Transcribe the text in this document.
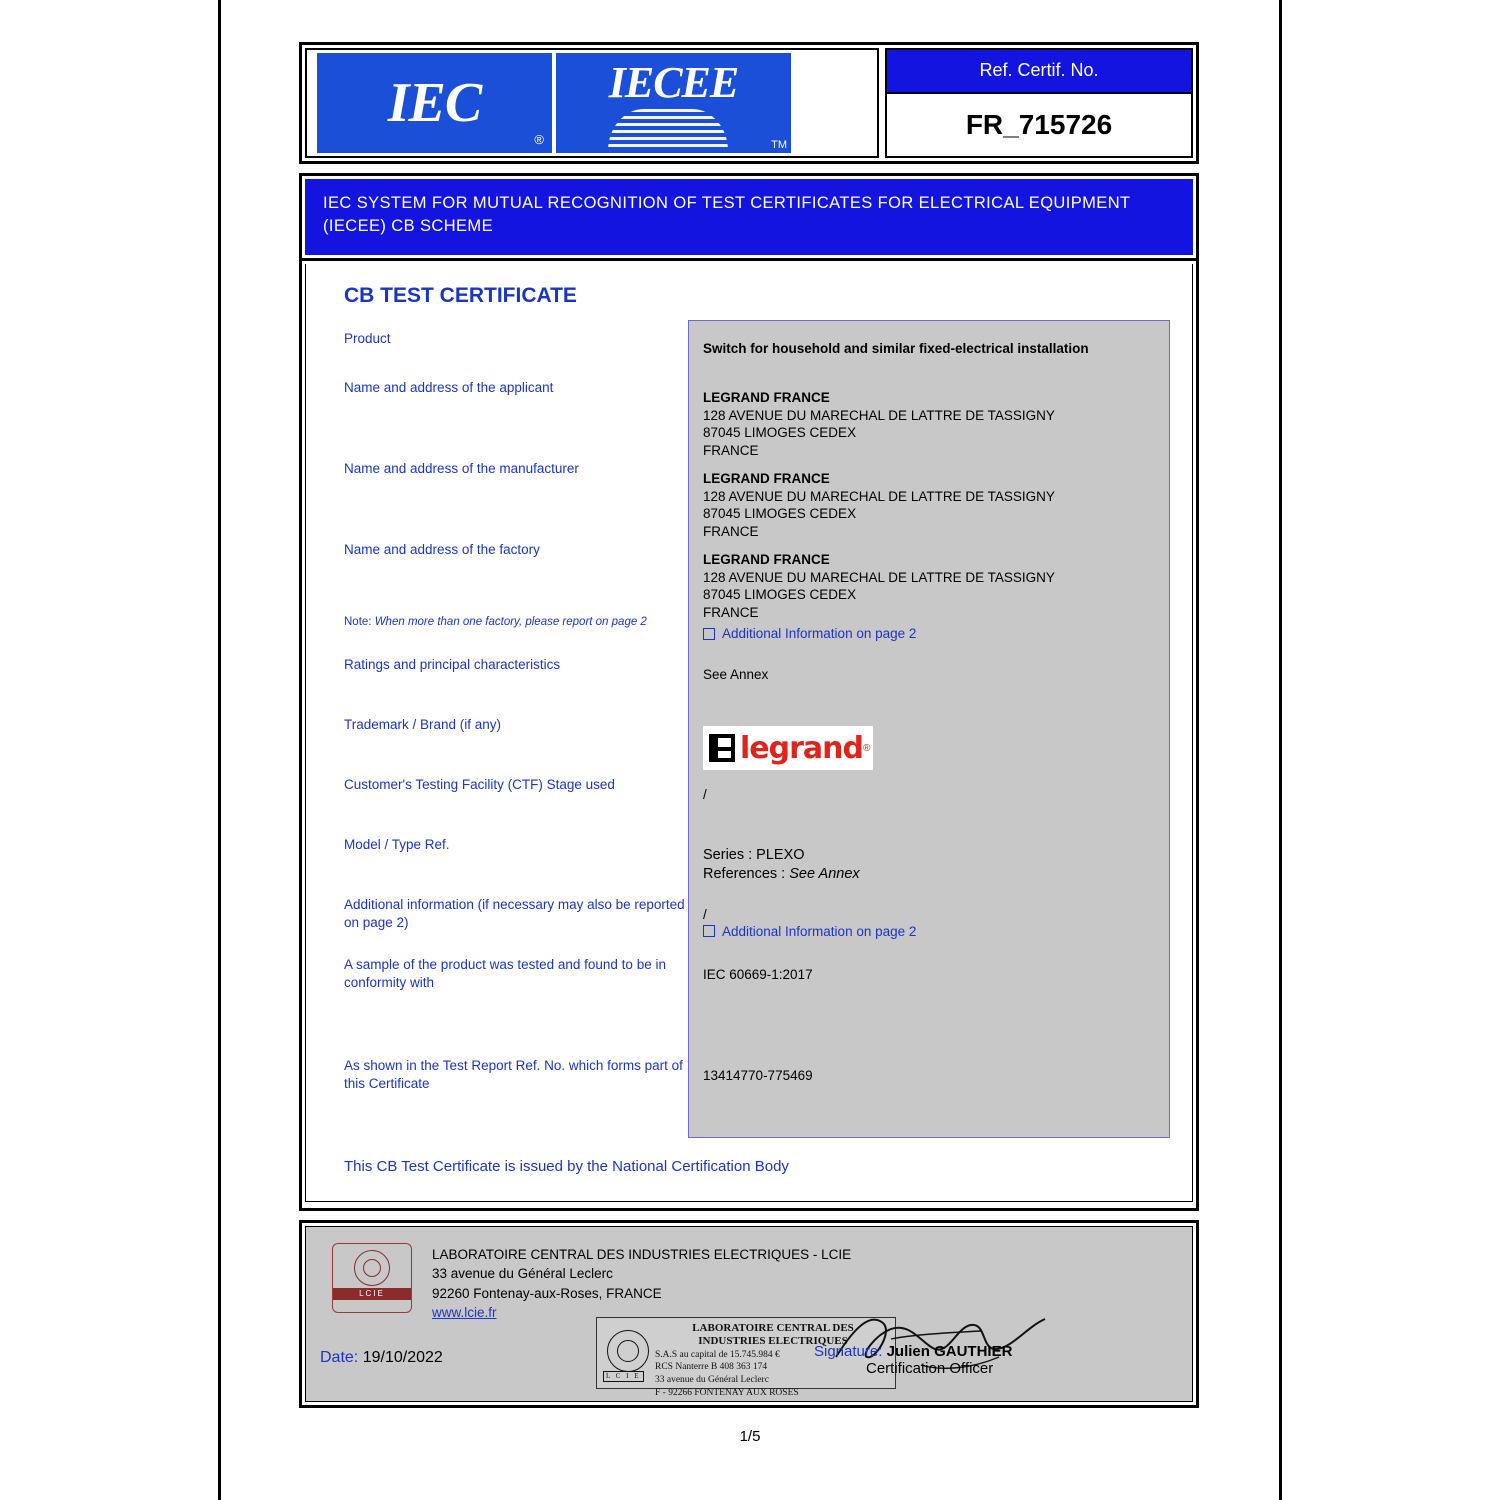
IEC
®
IECEE
TM
Ref. Certif. No.
FR_715726
IEC SYSTEM FOR MUTUAL RECOGNITION OF TEST CERTIFICATES FOR ELECTRICAL EQUIPMENT (IECEE) CB SCHEME
CB TEST CERTIFICATE
Product
Name and address of the applicant
Name and address of the manufacturer
Name and address of the factory
Note: When more than one factory, please report on page 2
Ratings and principal characteristics
Trademark / Brand (if any)
Customer's Testing Facility (CTF) Stage used
Model / Type Ref.
Additional information (if necessary may also be reported on page 2)
A sample of the product was tested and found to be in conformity with
As shown in the Test Report Ref. No. which forms part of this Certificate
Switch for household and similar fixed-electrical installation
LEGRAND FRANCE
128 AVENUE DU MARECHAL DE LATTRE DE TASSIGNY
87045 LIMOGES CEDEX
FRANCE
LEGRAND FRANCE
128 AVENUE DU MARECHAL DE LATTRE DE TASSIGNY
87045 LIMOGES CEDEX
FRANCE
LEGRAND FRANCE
128 AVENUE DU MARECHAL DE LATTRE DE TASSIGNY
87045 LIMOGES CEDEX
FRANCE
Additional Information on page 2
See Annex
legrand ®
/
Series : PLEXO
References : See Annex
/
Additional Information on page 2
IEC 60669-1:2017
13414770-775469
This CB Test Certificate is issued by the National Certification Body
LCIE
LABORATOIRE CENTRAL DES INDUSTRIES ELECTRIQUES - LCIE
33 avenue du Général Leclerc
92260 Fontenay-aux-Roses, FRANCE
www.lcie.fr
L C I E
LABORATOIRE CENTRAL DES
INDUSTRIES ELECTRIQUES
S.A.S au capital de 15.745.984 €
RCS Nanterre B 408 363 174
33 avenue du Général Leclerc
F - 92266 FONTENAY AUX ROSES
Date: 19/10/2022	Signature: Julien GAUTHIER
Certification Officer
1/5
